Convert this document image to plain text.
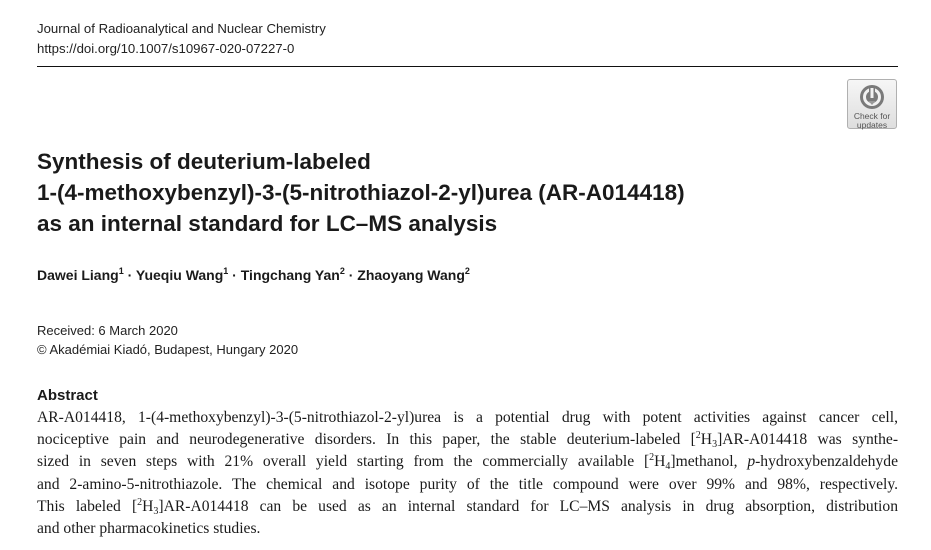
Journal of Radioanalytical and Nuclear Chemistry
https://doi.org/10.1007/s10967-020-07227-0
Check for
updates
Synthesis of deuterium-labeled
1-(4-methoxybenzyl)-3-(5-nitrothiazol-2-yl)urea (AR-A014418)
as an internal standard for LC–MS analysis
Dawei Liang$^1$ · Yueqiu Wang$^1$ · Tingchang Yan$^2$ · Zhaoyang Wang$^2$
Received: 6 March 2020
© Akadémiai Kiadó, Budapest, Hungary 2020
Abstract
AR-A014418, 1-(4-methoxybenzyl)-3-(5-nitrothiazol-2-yl)urea is a potential drug with potent activities against cancer cell,
nociceptive pain and neurodegenerative disorders. In this paper, the stable deuterium-labeled $[^2H_3]AR-A014418$ was synthe-
sized in seven steps with 21% overall yield starting from the commercially available $[^2H_4]methanol$, p-hydroxybenzaldehyde
and 2-amino-5-nitrothiazole. The chemical and isotope purity of the title compound were over 99% and 98%, respectively.
This labeled $[^2H_3]AR-A014418$ can be used as an internal standard for LC–MS analysis in drug absorption, distribution
and other pharmacokinetics studies.
